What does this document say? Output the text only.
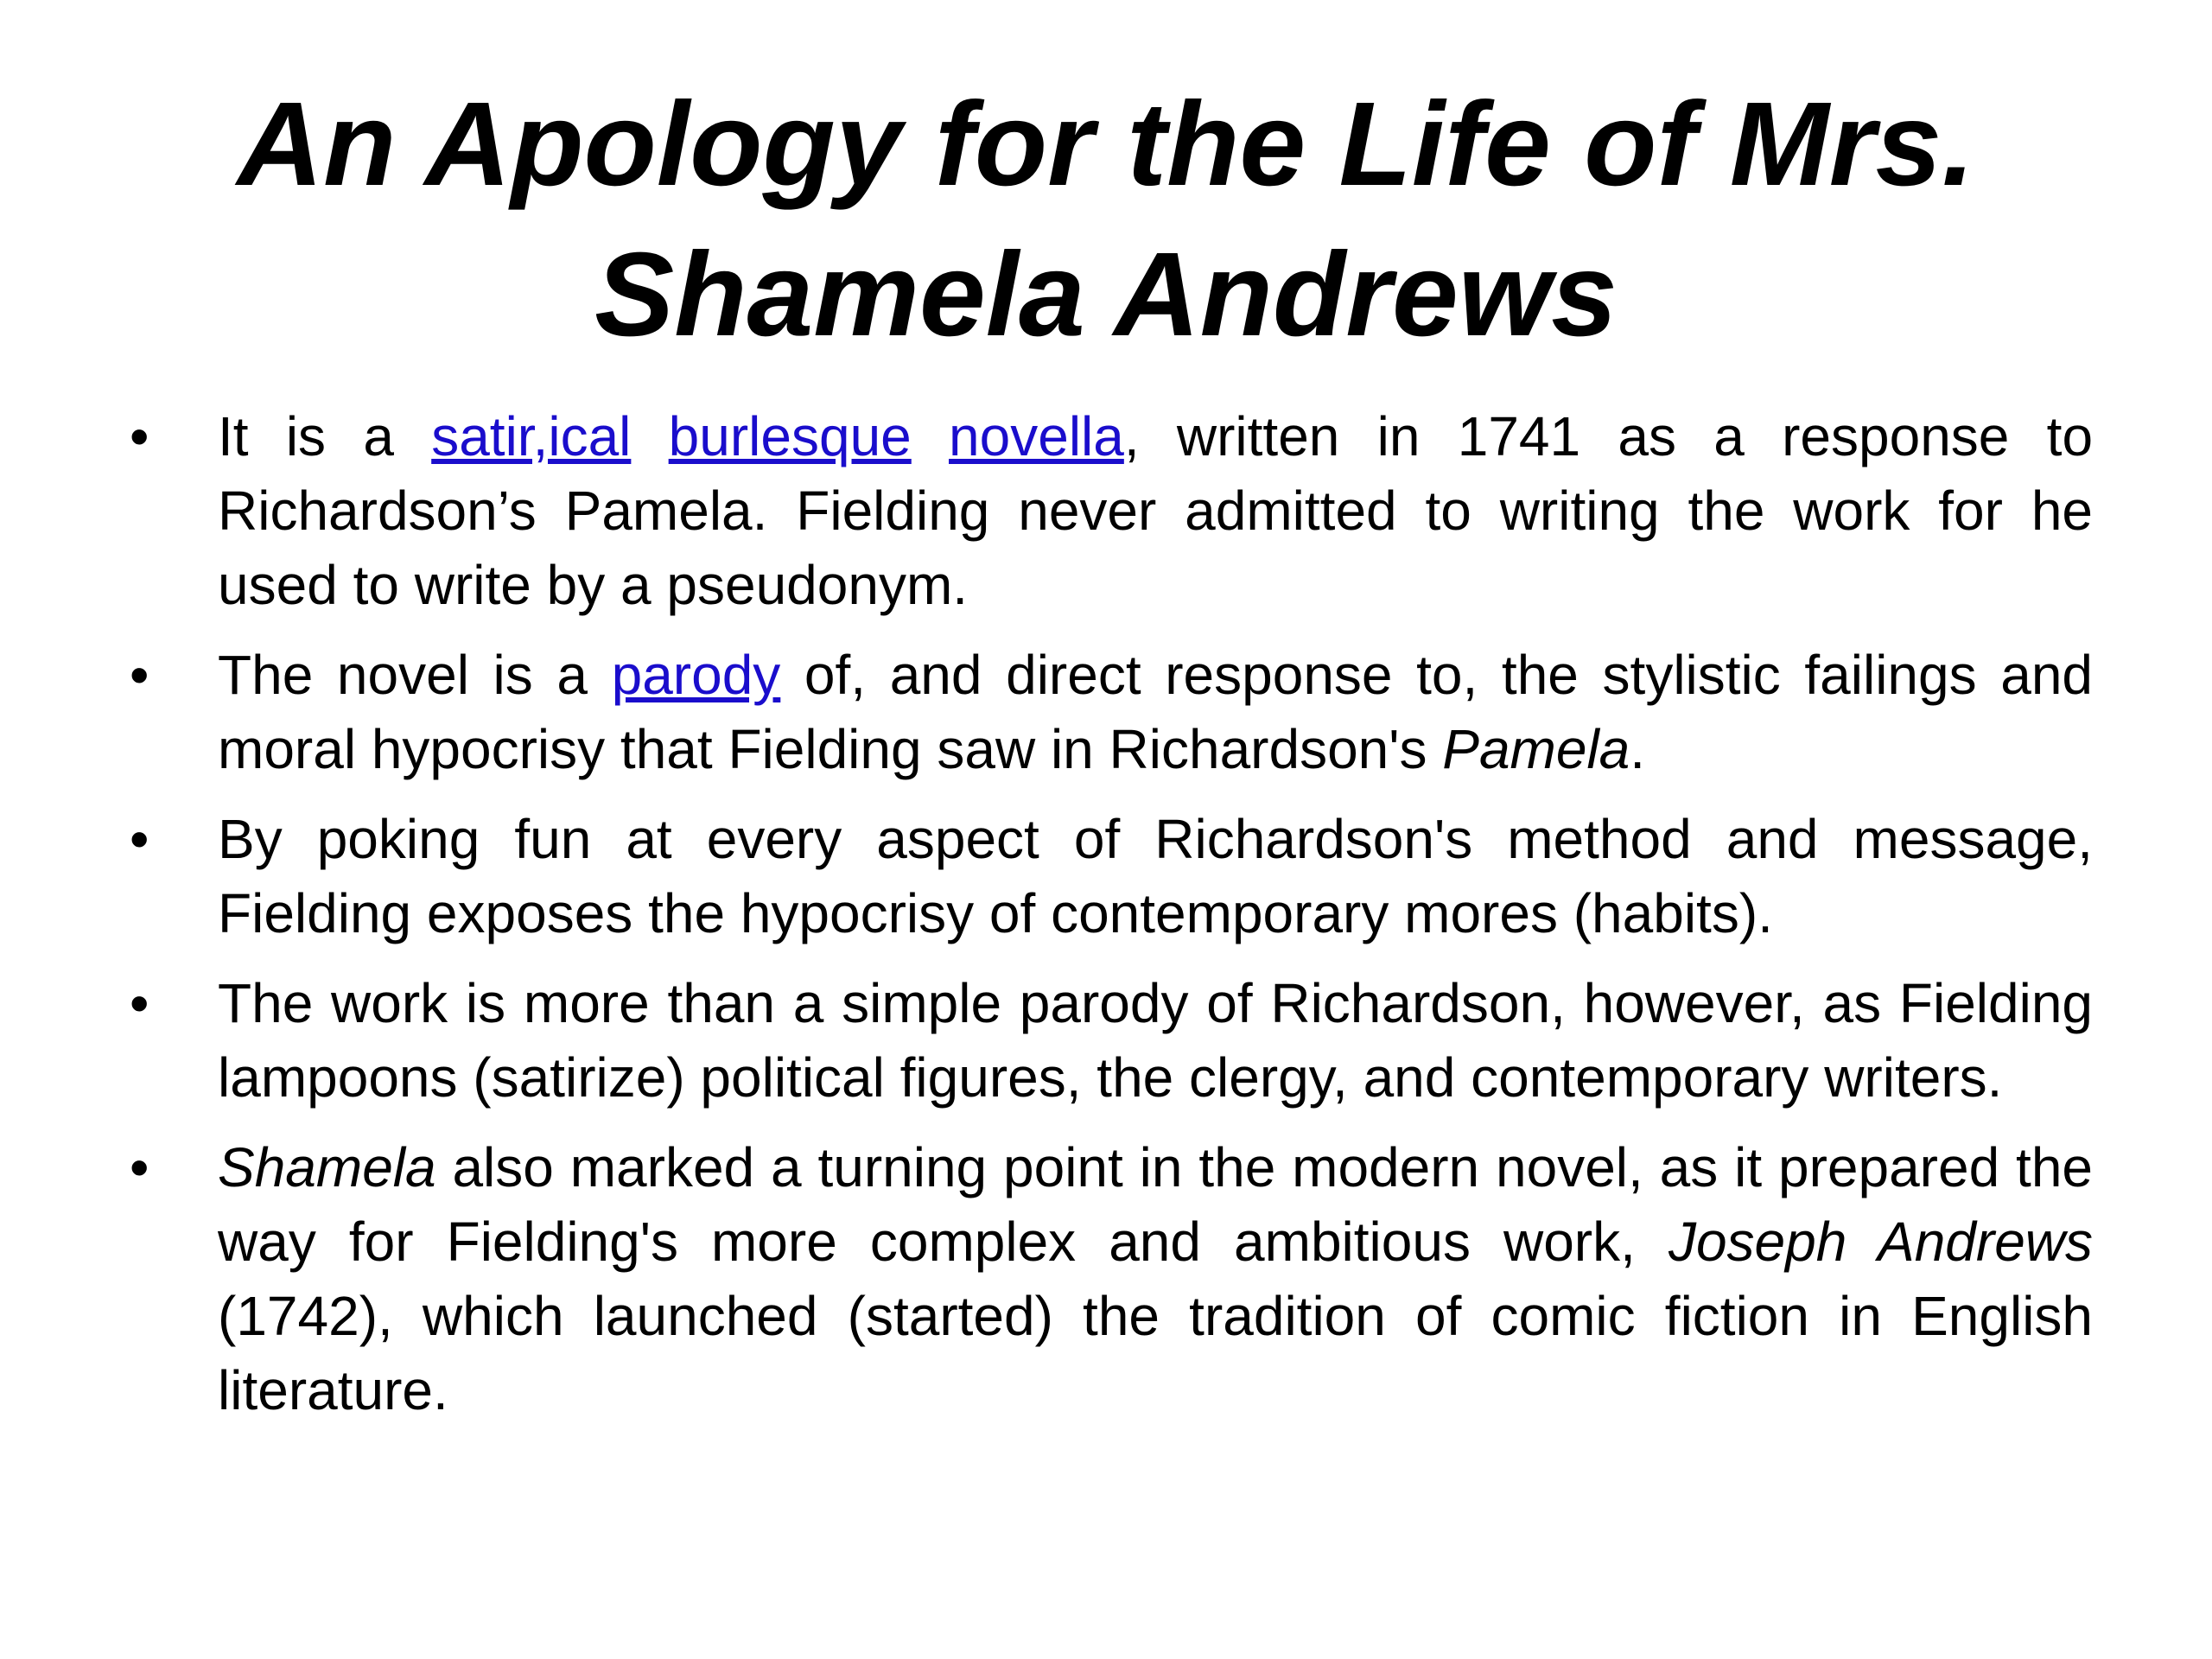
An Apology for the Life of Mrs.
Shamela Andrews
• It is a satir,ical burlesque novella, written in 1741 as a response to Richardson’s Pamela. Fielding never admitted to writing the work for he used to write by a pseudonym.
• The novel is a parody of, and direct response to, the stylistic failings and moral hypocrisy that Fielding saw in Richardson's Pamela.
• By poking fun at every aspect of Richardson's method and message, Fielding exposes the hypocrisy of contemporary mores (habits).
• The work is more than a simple parody of Richardson, however, as Fielding lampoons (satirize) political figures, the clergy, and contemporary writers.
• Shamela also marked a turning point in the modern novel, as it prepared the way for Fielding's more complex and ambitious work, Joseph Andrews (1742), which launched (started) the tradition of comic fiction in English literature.
